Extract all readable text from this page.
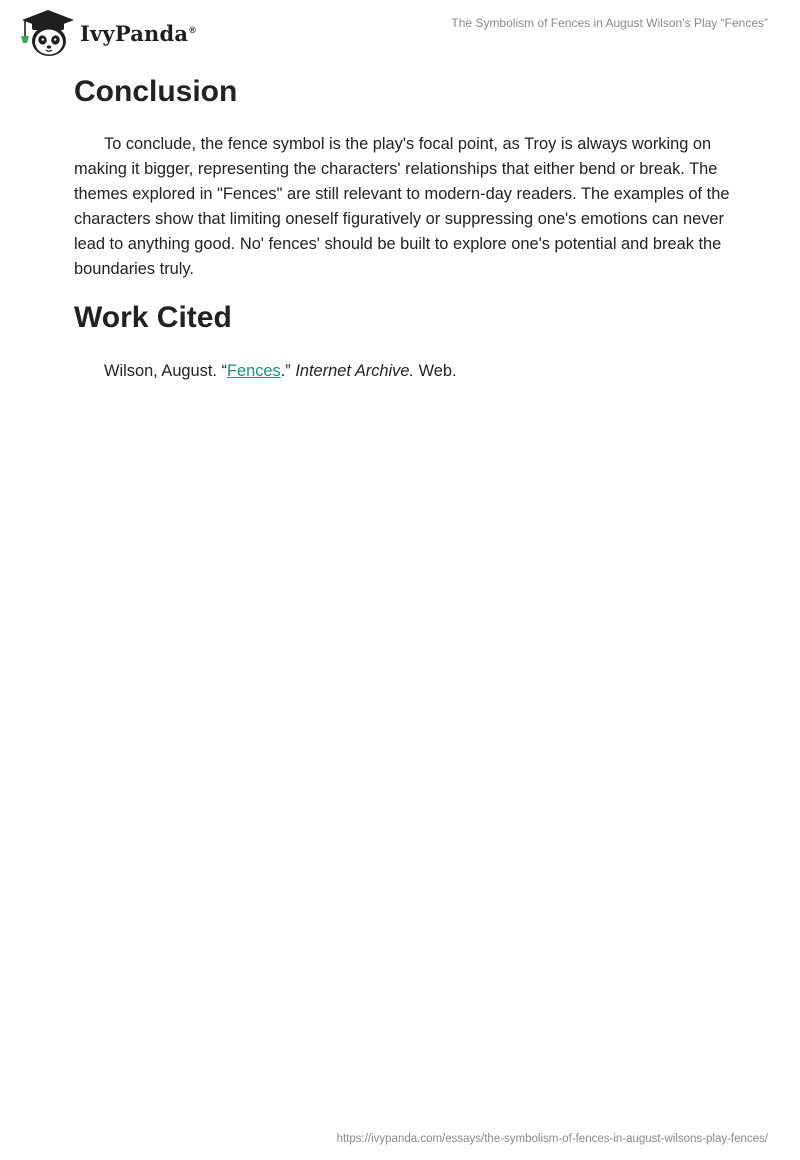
IvyPanda®	The Symbolism of Fences in August Wilson’s Play “Fences”
Conclusion

To conclude, the fence symbol is the play's focal point, as Troy is always working on making it bigger, representing the characters' relationships that either bend or break. The themes explored in "Fences" are still relevant to modern-day readers. The examples of the characters show that limiting oneself figuratively or suppressing one's emotions can never lead to anything good. No' fences' should be built to explore one's potential and break the boundaries truly.

Work Cited

Wilson, August. “Fences.” Internet Archive. Web.

https://ivypanda.com/essays/the-symbolism-of-fences-in-august-wilsons-play-fences/
